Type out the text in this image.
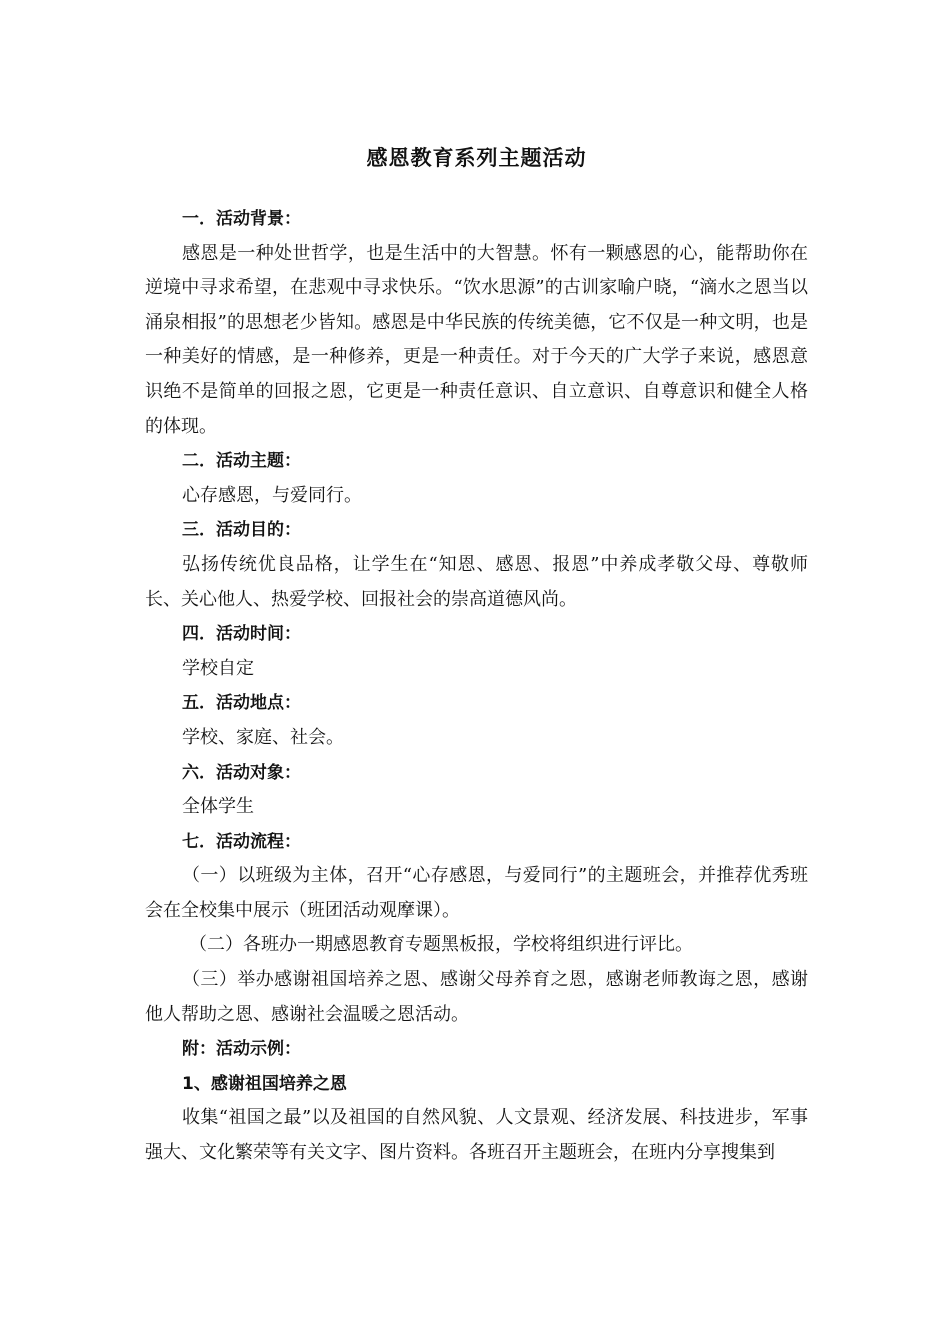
感恩教育系列主题活动

一．活动背景：

感恩是一种处世哲学，也是生活中的大智慧。怀有一颗感恩的心，能帮助你在逆境中寻求希望，在悲观中寻求快乐。“饮水思源”的古训家喻户晓，“滴水之恩当以涌泉相报”的思想老少皆知。感恩是中华民族的传统美德，它不仅是一种文明，也是一种美好的情感，是一种修养，更是一种责任。对于今天的广大学子来说，感恩意识绝不是简单的回报之恩，它更是一种责任意识、自立意识、自尊意识和健全人格的体现。

二．活动主题：

心存感恩，与爱同行。

三．活动目的：

弘扬传统优良品格，让学生在“知恩、感恩、报恩”中养成孝敬父母、尊敬师长、关心他人、热爱学校、回报社会的崇高道德风尚。

四．活动时间：

学校自定

五．活动地点：

学校、家庭、社会。

六．活动对象：

全体学生

七．活动流程：

（一）以班级为主体，召开“心存感恩，与爱同行”的主题班会，并推荐优秀班会在全校集中展示（班团活动观摩课）。

（二）各班办一期感恩教育专题黑板报，学校将组织进行评比。

（三）举办感谢祖国培养之恩、感谢父母养育之恩，感谢老师教诲之恩，感谢他人帮助之恩、感谢社会温暖之恩活动。

附：活动示例：

1、感谢祖国培养之恩

收集“祖国之最”以及祖国的自然风貌、人文景观、经济发展、科技进步，军事强大、文化繁荣等有关文字、图片资料。各班召开主题班会，在班内分享搜集到
